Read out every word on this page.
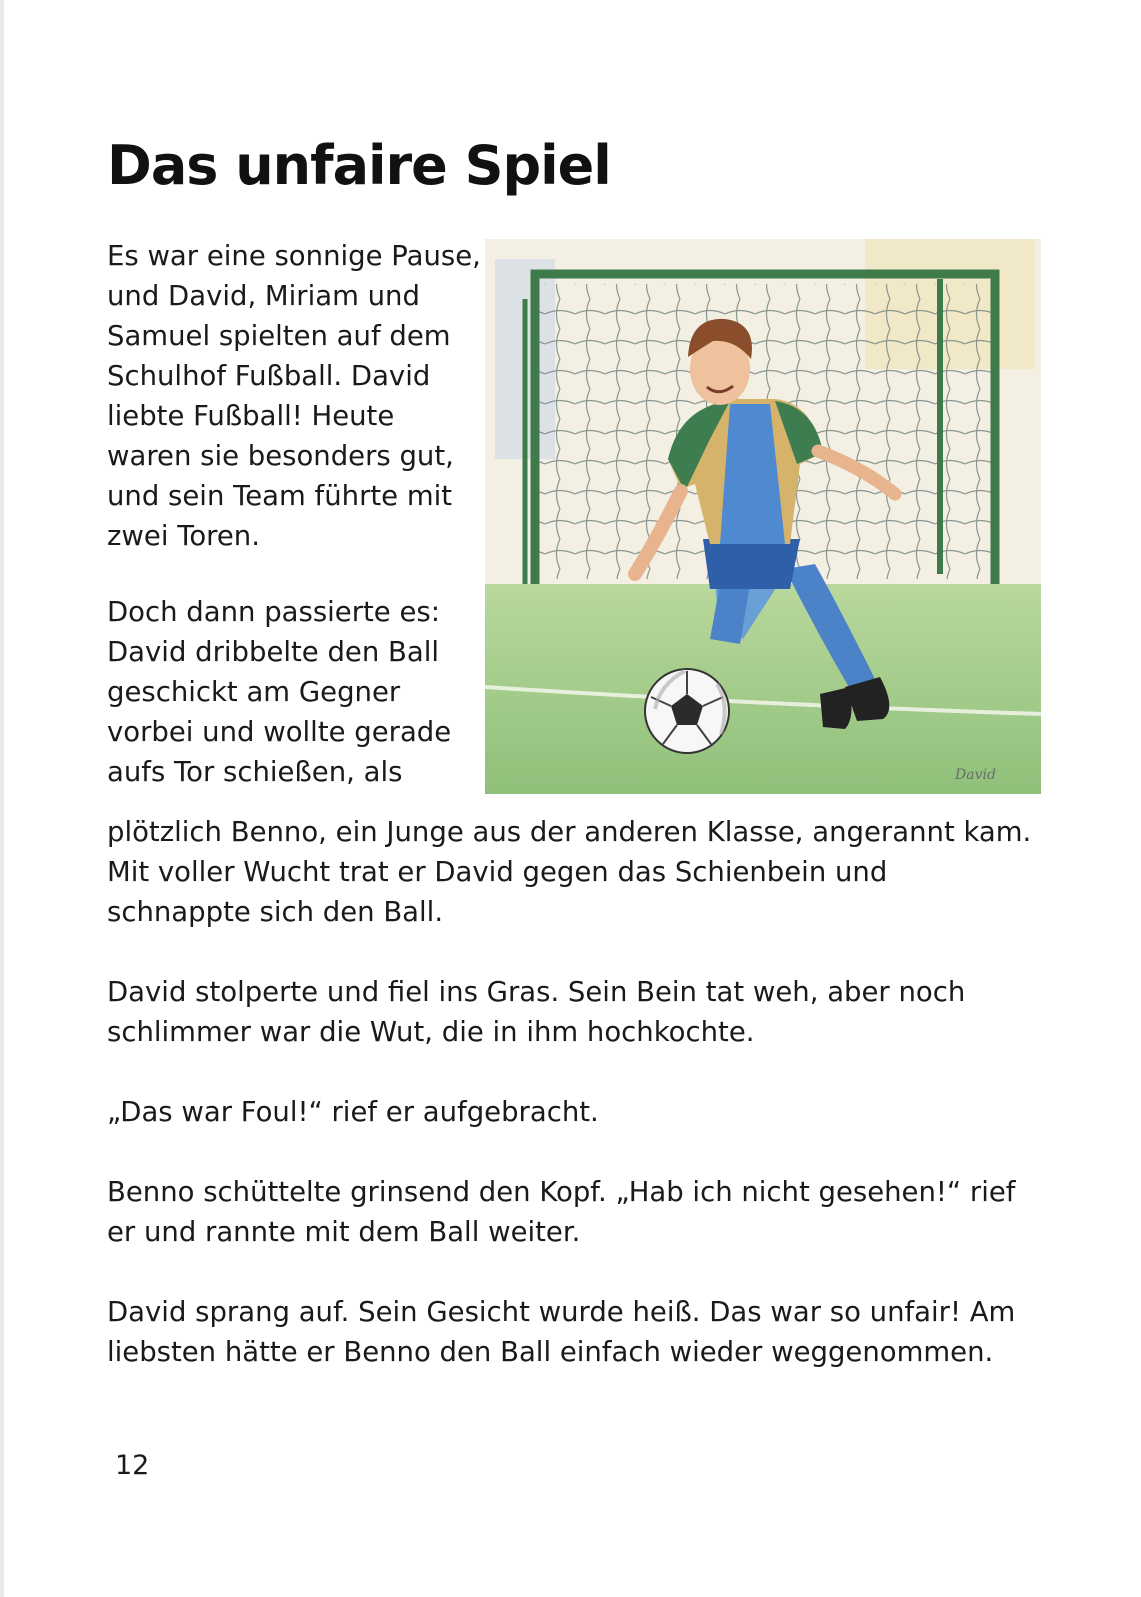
Das unfaire Spiel

Es war eine sonnige Pause,
und David, Miriam und
Samuel spielten auf dem
Schulhof Fußball. David
liebte Fußball! Heute
waren sie besonders gut,
und sein Team führte mit
zwei Toren.

Doch dann passierte es:
David dribbelte den Ball
geschickt am Gegner
vorbei und wollte gerade
aufs Tor schießen, als	David

plötzlich Benno, ein Junge aus der anderen Klasse, angerannt kam.
Mit voller Wucht trat er David gegen das Schienbein und
schnappte sich den Ball.

David stolperte und fiel ins Gras. Sein Bein tat weh, aber noch
schlimmer war die Wut, die in ihm hochkochte.

„Das war Foul!“ rief er aufgebracht.

Benno schüttelte grinsend den Kopf. „Hab ich nicht gesehen!“ rief
er und rannte mit dem Ball weiter.

David sprang auf. Sein Gesicht wurde heiß. Das war so unfair! Am
liebsten hätte er Benno den Ball einfach wieder weggenommen.

12
